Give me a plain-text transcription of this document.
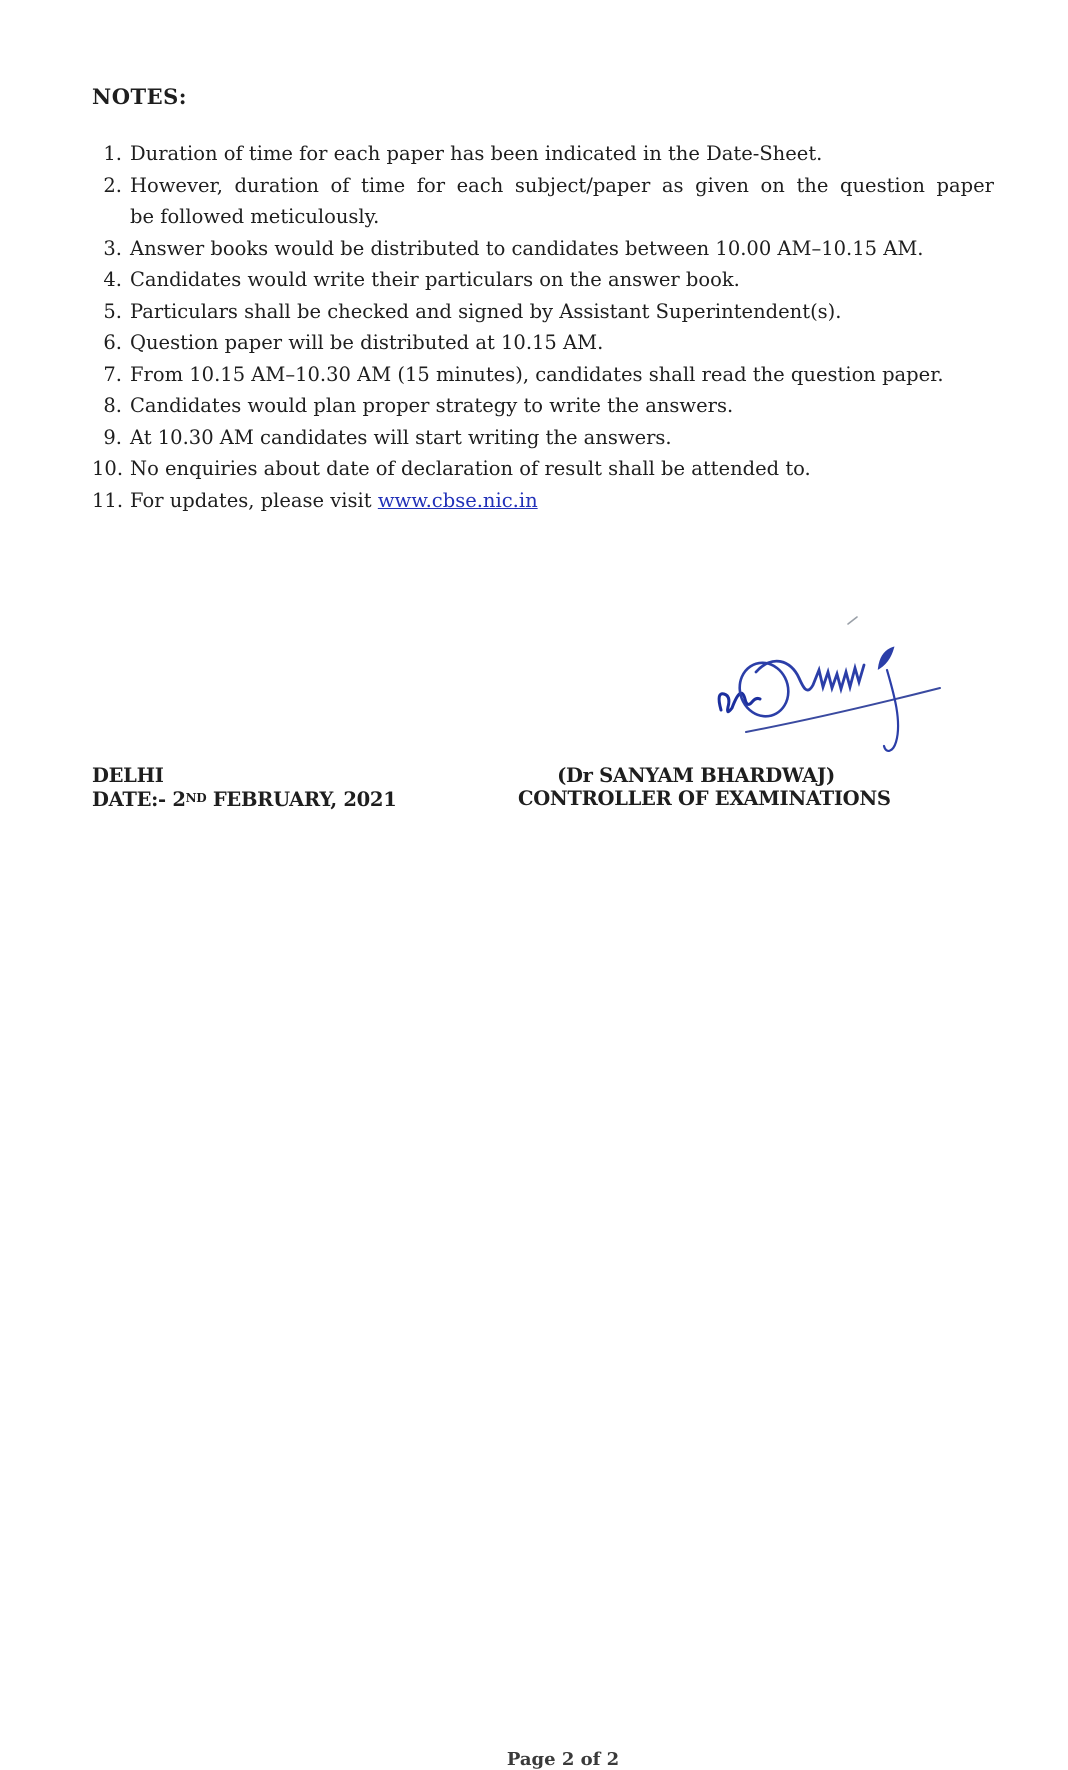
NOTES:
1. Duration of time for each paper has been indicated in the Date-Sheet.
2. However, duration of time for each subject/paper as given on the question paper
be followed meticulously.
3. Answer books would be distributed to candidates between 10.00 AM–10.15 AM.
4. Candidates would write their particulars on the answer book.
5. Particulars shall be checked and signed by Assistant Superintendent(s).
6. Question paper will be distributed at 10.15 AM.
7. From 10.15 AM–10.30 AM (15 minutes), candidates shall read the question paper.
8. Candidates would plan proper strategy to write the answers.
9. At 10.30 AM candidates will start writing the answers.
10. No enquiries about date of declaration of result shall be attended to.
11. For updates, please visit www.cbse.nic.in
DELHI
DATE:- 2ND FEBRUARY, 2021
(Dr SANYAM BHARDWAJ)
CONTROLLER OF EXAMINATIONS
Page 2 of 2
